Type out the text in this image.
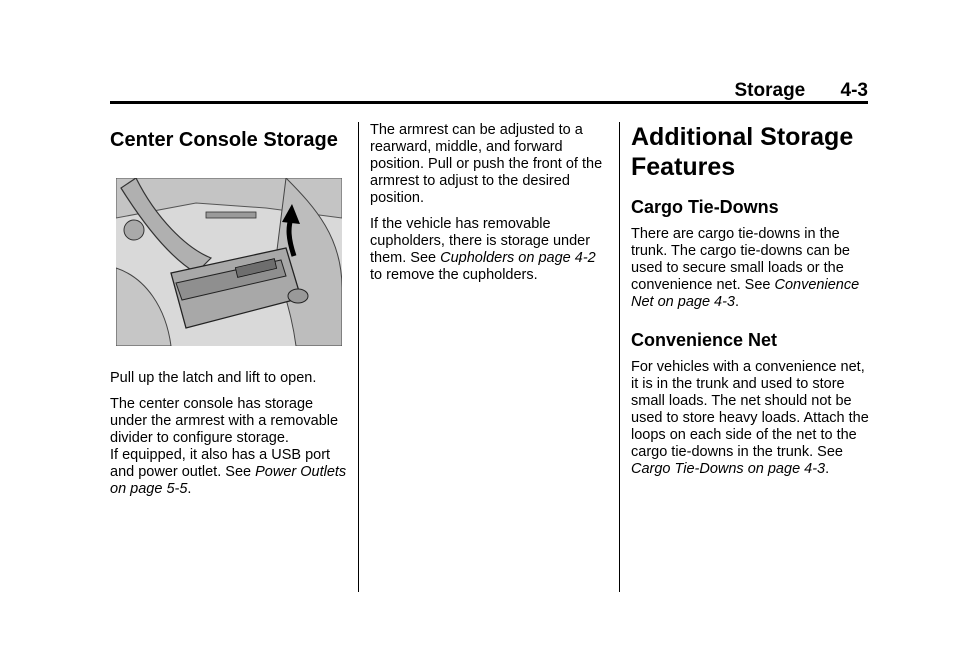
Storage 4-3
Center Console Storage

Pull up the latch and lift to open.

The center console has storage under the armrest with a removable divider to configure storage.

If equipped, it also has a USB port and power outlet. See Power Outlets on page 5-5.

The armrest can be adjusted to a rearward, middle, and forward position. Pull or push the front of the armrest to adjust to the desired position.

If the vehicle has removable cupholders, there is storage under them. See Cupholders on page 4-2 to remove the cupholders.

Additional Storage
Features
Cargo Tie-Downs

There are cargo tie-downs in the trunk. The cargo tie-downs can be used to secure small loads or the convenience net. See Convenience Net on page 4-3.

Convenience Net

For vehicles with a convenience net, it is in the trunk and used to store small loads. The net should not be used to store heavy loads. Attach the loops on each side of the net to the cargo tie-downs in the trunk. See Cargo Tie-Downs on page 4-3.
